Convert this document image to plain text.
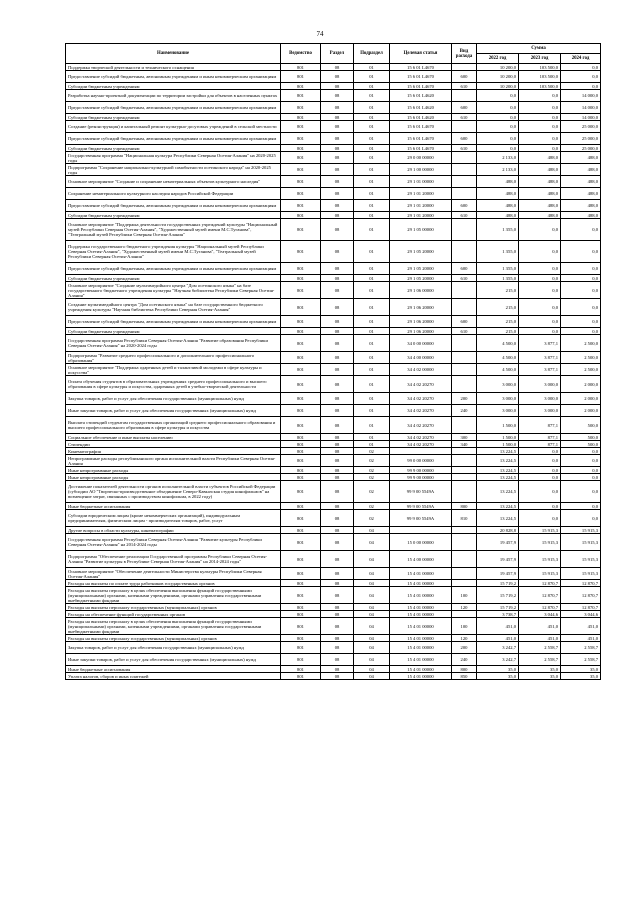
74
Наименование	Ведомство	Раздел	Подраздел	Целевая статья	Вид расхода	Сумма		
						2022 год	2023 год	2024 год
Поддержка творческой деятельности и технического оснащения	801	08	01	15 6 01 L4670		10 200,0	103 500,0	0,0
Предоставление субсидий бюджетным, автономным учреждениям и иным некоммерческим организациям	801	08	01	15 6 01 L4670	600	10 200,0	103 500,0	0,0
Субсидии бюджетным учреждениям	801	08	01	15 6 01 L4670	610	10 200,0	103 500,0	0,0
Разработка научно-проектной документации по территории застройки для объектов в населенных пунктах	801	08	01	15 6 01 L4620		0,0	0,0	14 000,0
Предоставление субсидий бюджетным, автономным учреждениям и иным некоммерческим организациям	801	08	01	15 6 01 L4620	600	0,0	0,0	14 000,0
Субсидии бюджетным учреждениям	801	08	01	15 6 01 L4620	610	0,0	0,0	14 000,0
Создание (реконструкция) и капитальный ремонт культурно-досуговых учреждений в сельской местности	801	08	01	15 6 01 L4670		0,0	0,0	25 000,0
Предоставление субсидий бюджетным, автономным учреждениям и иным некоммерческим организациям	801	08	01	15 6 01 L4670	600	0,0	0,0	25 000,0
Субсидии бюджетным учреждениям	801	08	01	15 6 01 L4670	610	0,0	0,0	25 000,0
Государственная программа "Национальная культура Республики Северная Осетия-Алания" на 2020-2025 годы	801	08	01	29 0 00 00000		2 133,0	488,0	488,0
Подпрограмма "Сохранение национально-культурной самобытности осетинского народа" на 2020-2025 годы	801	08	01	29 1 00 00000		2 133,0	488,0	488,0
Основное мероприятие "Создание и сохранение нематериальных объектов культурного наследия"	801	08	01	29 1 01 00000		488,0	488,0	488,0
Сохранение нематериального культурного наследия народов Российской Федерации	801	08	01	29 1 01 20000		488,0	488,0	488,0
Предоставление субсидий бюджетным, автономным учреждениям и иным некоммерческим организациям	801	08	01	29 1 01 20000	600	488,0	488,0	488,0
Субсидии бюджетным учреждениям	801	08	01	29 1 01 20000	610	488,0	488,0	488,0
Основное мероприятие "Поддержка деятельности государственных учреждений культуры "Национальный музей Республики Северная Осетия-Алания", "Художественный музей имени М.С.Туганова", "Театральный музей Республики Северная Осетия-Алания"	801	08	01	29 1 05 00000		1 355,0	0,0	0,0
Поддержка государственного бюджетного учреждения культуры "Национальный музей Республики Северная Осетия-Алания", "Художественный музей имени М.С.Туганова", "Театральный музей Республики Северная Осетия-Алания"	801	08	01	29 1 05 20000		1 355,0	0,0	0,0
Предоставление субсидий бюджетным, автономным учреждениям и иным некоммерческим организациям	801	08	01	29 1 05 20000	600	1 355,0	0,0	0,0
Субсидии бюджетным учреждениям	801	08	01	29 1 05 20000	610	1 355,0	0,0	0,0
Основное мероприятие "Создание мультимедийного центра "Дом осетинского языка" на базе государственного бюджетного учреждения культуры "Научная библиотека Республики Северная Осетия-Алания"	801	08	01	29 1 06 00000		215,0	0,0	0,0
Создание мультимедийного центра "Дом осетинского языка" на базе государственного бюджетного учреждения культуры "Научная библиотека Республики Северная Осетия-Алания"	801	08	01	29 1 06 20000		215,0	0,0	0,0
Предоставление субсидий бюджетным, автономным учреждениям и иным некоммерческим организациям	801	08	01	29 1 06 20000	600	215,0	0,0	0,0
Субсидии бюджетным учреждениям	801	08	01	29 1 06 20000	610	215,0	0,0	0,0
Государственная программа Республики Северная Осетия-Алания "Развитие образования Республики Северная Осетия-Алания" на 2020-2024 годы	801	08	01	34 0 00 00000		4 500,0	3 877,1	2 500,0
Подпрограмма "Развитие среднего профессионального и дополнительного профессионального образования"	801	08	01	34 4 00 00000		4 500,0	3 877,1	2 500,0
Основное мероприятие "Поддержка одаренных детей и талантливой молодежи в сфере культуры и искусства"	801	08	01	34 4 02 00000		4 500,0	3 877,1	2 500,0
Оплата обучения студентов в образовательных учреждениях среднего профессионального и высшего образования в сфере культуры и искусства, одаренных детей в учебно-творческой деятельности	801	08	01	34 4 02 20270		3 000,0	3 000,0	2 000,0
Закупка товаров, работ и услуг для обеспечения государственных (муниципальных) нужд	801	08	01	34 4 02 20270	200	3 000,0	3 000,0	2 000,0
Иные закупки товаров, работ и услуг для обеспечения государственных (муниципальных) нужд	801	08	01	34 4 02 20270	240	3 000,0	3 000,0	2 000,0
Выплата стипендий студентам государственных организаций среднего профессионального образования и высшего профессионального образования в сфере культуры и искусства	801	08	01	34 4 02 20270		1 500,0	877,1	500,0
Социальное обеспечение и иные выплаты населению	801	08	01	34 4 02 20270	300	1 500,0	877,1	500,0
Стипендии	801	08	01	34 4 02 20270	340	1 500,0	877,1	500,0
Кинематография	801	08	02			13 224,5	0,0	0,0
Непрограммные расходы республиканского органа исполнительной власти Республики Северная Осетия-Алания	801	08	02	99 0 00 00000		13 224,5	0,0	0,0
Иные непрограммные расходы	801	08	02	99 9 00 00000		13 224,5	0,0	0,0
Иные непрограммные расходы	801	08	02	99 9 00 00000		13 224,5	0,0	0,0
Достижение показателей деятельности органов исполнительной власти субъектов Российской Федерации (субсидии АО "Творческо-производственное объединение Северо-Кавказская студия кинофильмов" на возмещение затрат, связанных с производством кинофильма, в 2022 году)	801	08	02	99 9 00 5549A		13 224,5	0,0	0,0
Иные бюджетные ассигнования	801	08	02	99 9 00 5549A	800	13 224,5	0,0	0,0
Субсидии юридическим лицам (кроме некоммерческих организаций), индивидуальным предпринимателям, физическим лицам - производителям товаров, работ, услуг	801	08	02	99 9 00 5549A	810	13 224,5	0,0	0,0
Другие вопросы в области культуры, кинематографии	801	08	04			20 828,8	15 915,3	15 915,3
Государственная программа Республики Северная Осетия-Алания "Развитие культуры Республики Северная Осетия-Алания" на 2014-2024 годы	801	08	04	15 0 00 00000		19 457,9	15 915,3	15 915,3
Подпрограмма "Обеспечение реализации Государственной программы Республики Северная Осетия-Алания "Развитие культуры в Республике Северная Осетия-Алания" на 2014-2024 годы"	801	08	04	15 4 00 00000		19 457,9	15 915,3	15 915,3
Основное мероприятие "Обеспечение деятельности Министерства культуры Республики Северная Осетия-Алания"	801	08	04	15 4 01 00000		19 457,9	15 915,3	15 915,3
Расходы на выплаты по оплате труда работников государственных органов	801	08	04	15 4 01 00000		15 719,2	12 870,7	12 870,7
Расходы на выплаты персоналу в целях обеспечения выполнения функций государственными (муниципальными) органами, казенными учреждениями, органами управления государственными внебюджетными фондами	801	08	04	15 4 01 00000	100	15 719,2	12 870,7	12 870,7
Расходы на выплаты персоналу государственных (муниципальных) органов	801	08	04	15 4 01 00000	120	15 719,2	12 870,7	12 870,7
Расходы на обеспечение функций государственных органов	801	08	04	15 4 01 00000		3 738,7	3 044,6	3 044,6
Расходы на выплаты персоналу в целях обеспечения выполнения функций государственными (муниципальными) органами, казенными учреждениями, органами управления государственными внебюджетными фондами	801	08	04	15 4 01 00000	100	451,0	451,0	451,0
Расходы на выплаты персоналу государственных (муниципальных) органов	801	08	04	15 4 01 00000	120	451,0	451,0	451,0
Закупка товаров, работ и услуг для обеспечения государственных (муниципальных) нужд	801	08	04	15 4 01 00000	200	3 242,7	2 558,7	2 558,7
Иные закупки товаров, работ и услуг для обеспечения государственных (муниципальных) нужд	801	08	04	15 4 01 00000	240	3 242,7	2 558,7	2 558,7
Иные бюджетные ассигнования	801	08	04	15 4 01 00000	800	35,0	35,0	35,0
Уплата налогов, сборов и иных платежей	801	08	04	15 4 01 00000	850	35,0	35,0	35,0
